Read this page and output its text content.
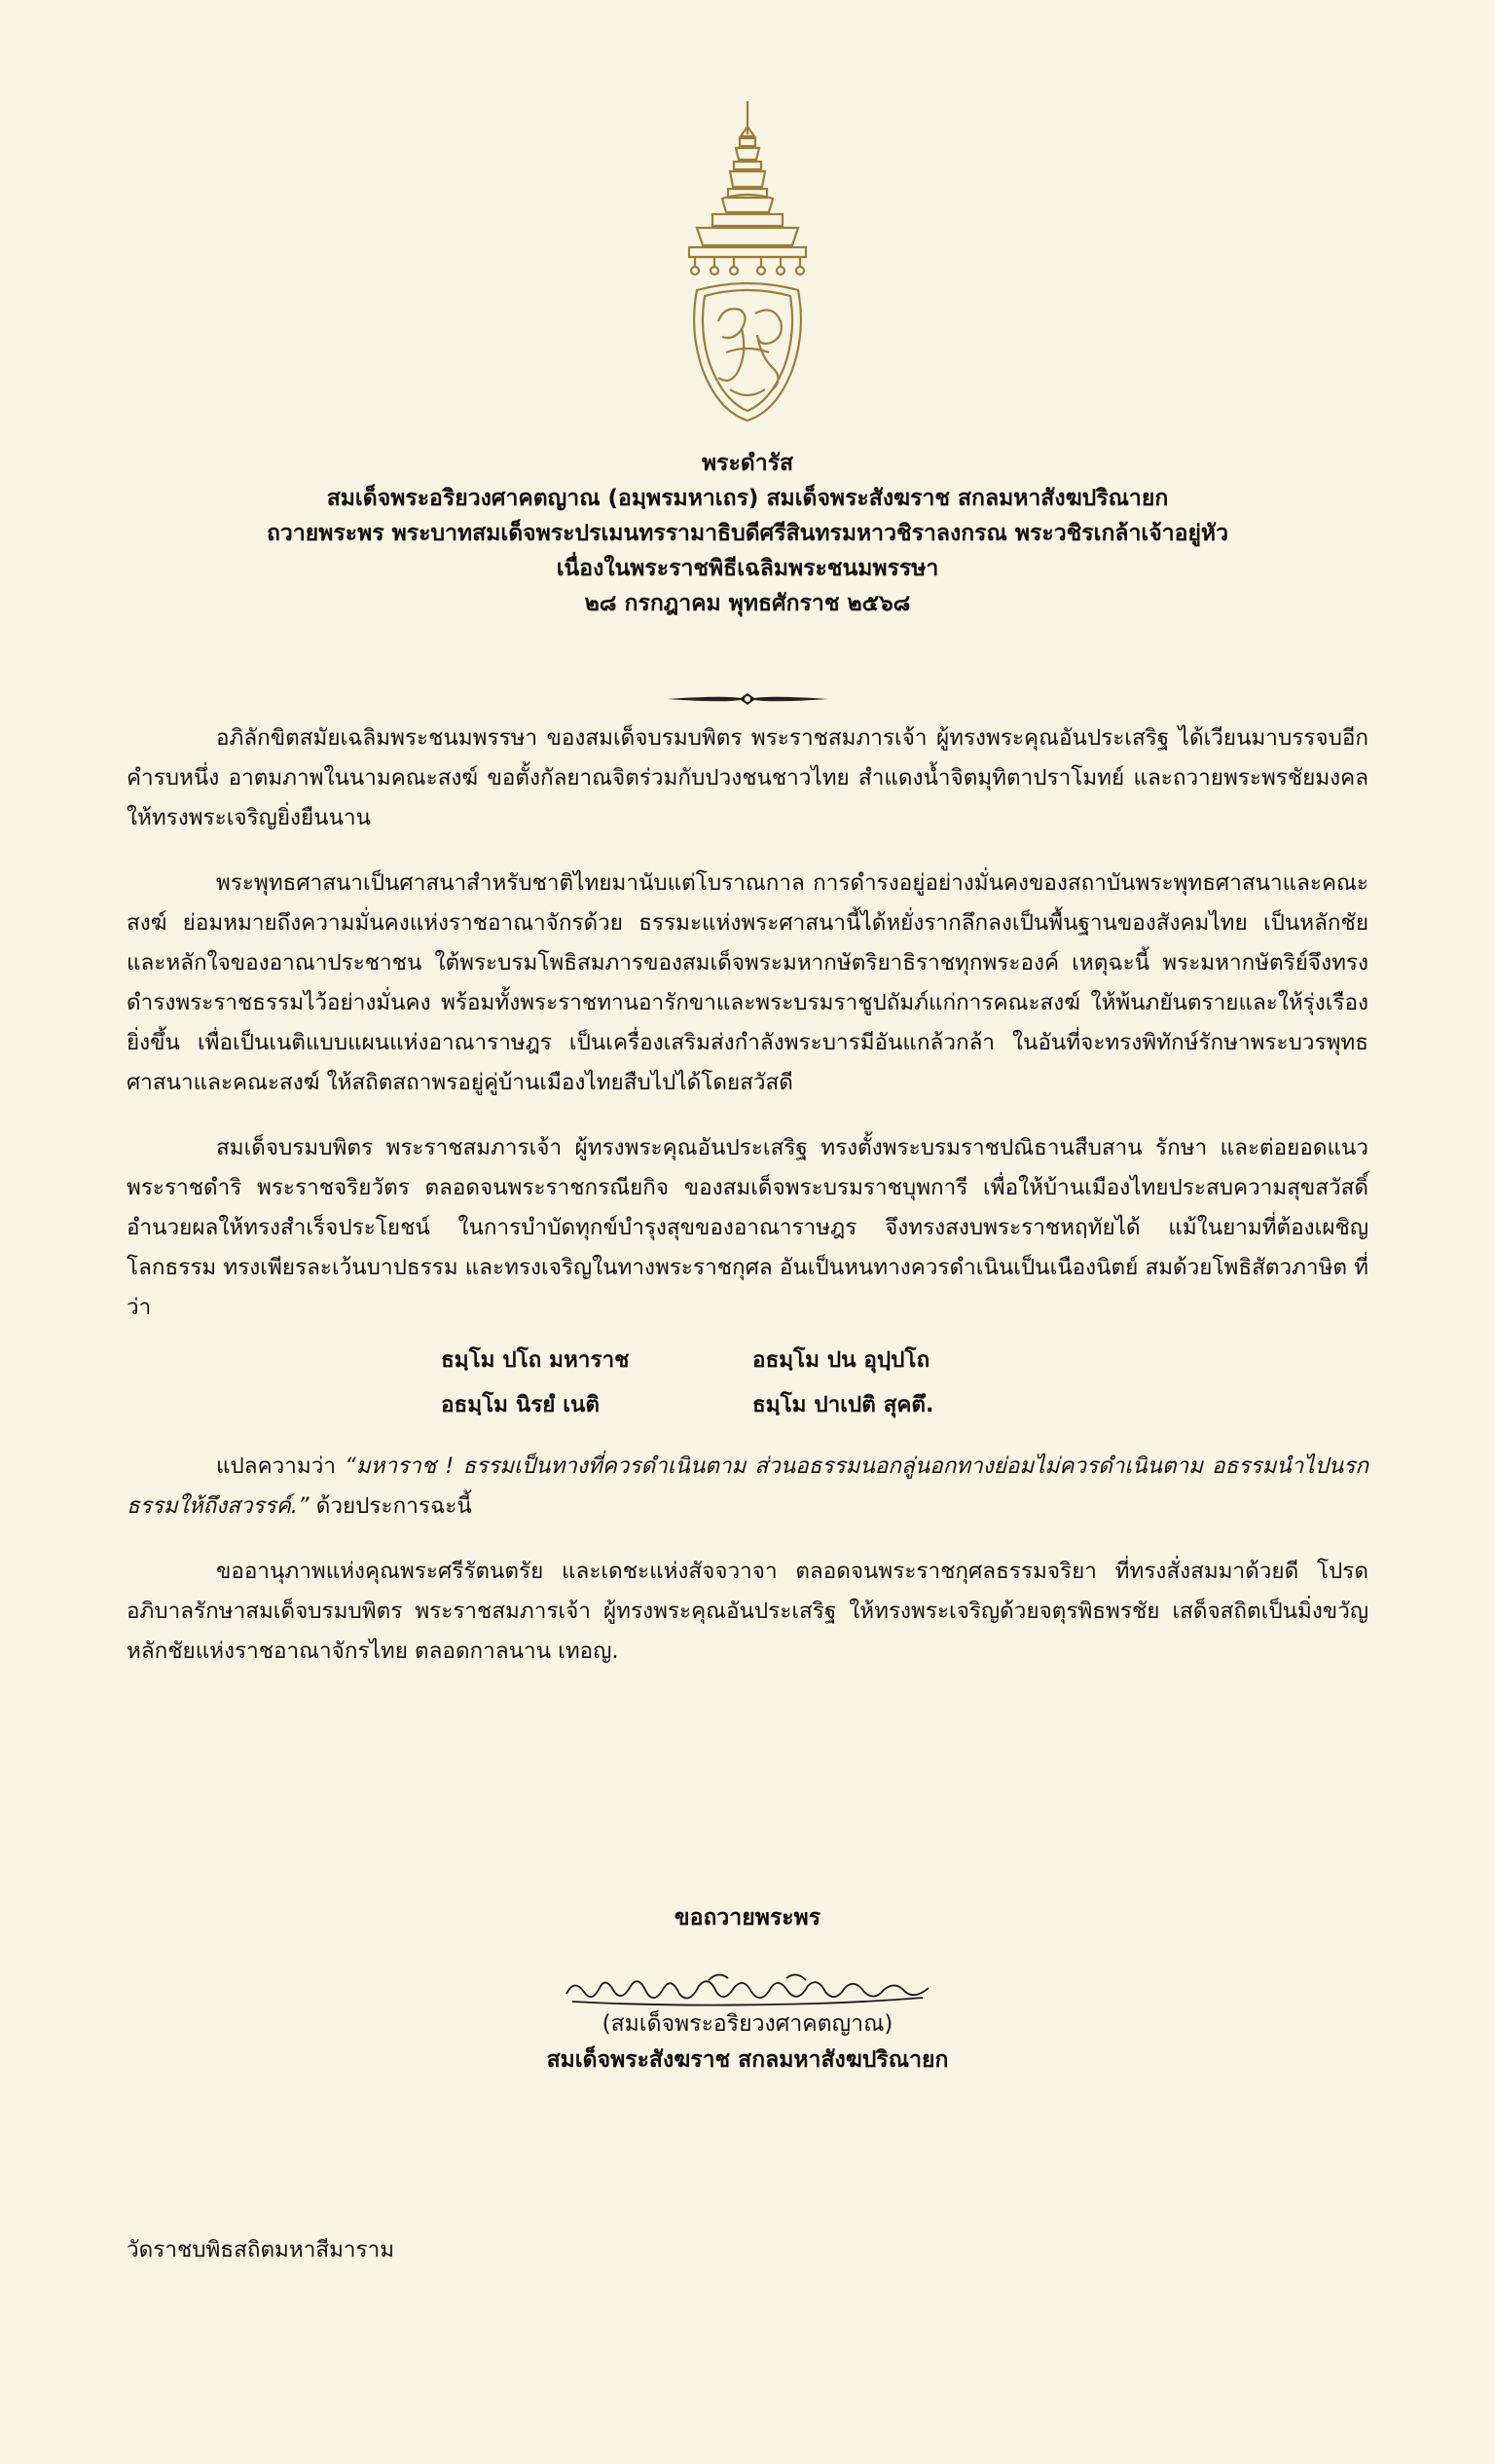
พระดำรัส
สมเด็จพระอริยวงศาคตญาณ (อมฺพรมหาเถร) สมเด็จพระสังฆราช สกลมหาสังฆปริณายก
ถวายพระพร พระบาทสมเด็จพระปรเมนทรรามาธิบดีศรีสินทรมหาวชิราลงกรณ พระวชิรเกล้าเจ้าอยู่หัว
เนื่องในพระราชพิธีเฉลิมพระชนมพรรษา
๒๘ กรกฎาคม พุทธศักราช ๒๕๖๘

อภิลักขิตสมัยเฉลิมพระชนมพรรษา ของสมเด็จบรมบพิตร พระราชสมภารเจ้า ผู้ทรงพระคุณอันประเสริฐ ได้เวียนมาบรรจบอีกคำรบหนึ่ง อาตมภาพในนามคณะสงฆ์ ขอตั้งกัลยาณจิตร่วมกับปวงชนชาวไทย สำแดงน้ำจิตมุทิตาปราโมทย์ และถวายพระพรชัยมงคลให้ทรงพระเจริญยิ่งยืนนาน

พระพุทธศาสนาเป็นศาสนาสำหรับชาติไทยมานับแต่โบราณกาล การดำรงอยู่อย่างมั่นคงของสถาบันพระพุทธศาสนาและคณะสงฆ์ ย่อมหมายถึงความมั่นคงแห่งราชอาณาจักรด้วย ธรรมะแห่งพระศาสนานี้ได้หยั่งรากลึกลงเป็นพื้นฐานของสังคมไทย เป็นหลักชัย และหลักใจของอาณาประชาชน ใต้พระบรมโพธิสมภารของสมเด็จพระมหากษัตริยาธิราชทุกพระองค์ เหตุฉะนี้ พระมหากษัตริย์จึงทรงดำรงพระราชธรรมไว้อย่างมั่นคง พร้อมทั้งพระราชทานอารักขาและพระบรมราชูปถัมภ์แก่การคณะสงฆ์ ให้พ้นภยันตรายและให้รุ่งเรืองยิ่งขึ้น เพื่อเป็นเนติแบบแผนแห่งอาณาราษฎร เป็นเครื่องเสริมส่งกำลังพระบารมีอันแกล้วกล้า ในอันที่จะทรงพิทักษ์รักษาพระบวรพุทธศาสนาและคณะสงฆ์ ให้สถิตสถาพรอยู่คู่บ้านเมืองไทยสืบไปได้โดยสวัสดี

สมเด็จบรมบพิตร พระราชสมภารเจ้า ผู้ทรงพระคุณอันประเสริฐ ทรงตั้งพระบรมราชปณิธานสืบสาน รักษา และต่อยอดแนวพระราชดำริ พระราชจริยวัตร ตลอดจนพระราชกรณียกิจ ของสมเด็จพระบรมราชบุพการี เพื่อให้บ้านเมืองไทยประสบความสุขสวัสดิ์ อำนวยผลให้ทรงสำเร็จประโยชน์ ในการบำบัดทุกข์บำรุงสุขของอาณาราษฎร จึงทรงสงบพระราชหฤทัยได้ แม้ในยามที่ต้องเผชิญโลกธรรม ทรงเพียรละเว้นบาปธรรม และทรงเจริญในทางพระราชกุศล อันเป็นหนทางควรดำเนินเป็นเนืองนิตย์ สมด้วยโพธิสัตวภาษิต ที่ว่า

ธมฺโม ปโถ มหาราช	อธมฺโม ปน อุปฺปโถ
อธมฺโม นิรยํ เนติ	ธมฺโม ปาเปติ สุคตึ.

แปลความว่า “มหาราช ! ธรรมเป็นทางที่ควรดำเนินตาม ส่วนอธรรมนอกลู่นอกทางย่อมไม่ควรดำเนินตาม อธรรมนำไปนรก ธรรมให้ถึงสวรรค์.” ด้วยประการฉะนี้

ขออานุภาพแห่งคุณพระศรีรัตนตรัย และเดชะแห่งสัจจวาจา ตลอดจนพระราชกุศลธรรมจริยา ที่ทรงสั่งสมมาด้วยดี โปรดอภิบาลรักษาสมเด็จบรมบพิตร พระราชสมภารเจ้า ผู้ทรงพระคุณอันประเสริฐ ให้ทรงพระเจริญด้วยจตุรพิธพรชัย เสด็จสถิตเป็นมิ่งขวัญหลักชัยแห่งราชอาณาจักรไทย ตลอดกาลนาน เทอญ.

ขอถวายพระพร
(สมเด็จพระอริยวงศาคตญาณ)
สมเด็จพระสังฆราช สกลมหาสังฆปริณายก
วัดราชบพิธสถิตมหาสีมาราม
